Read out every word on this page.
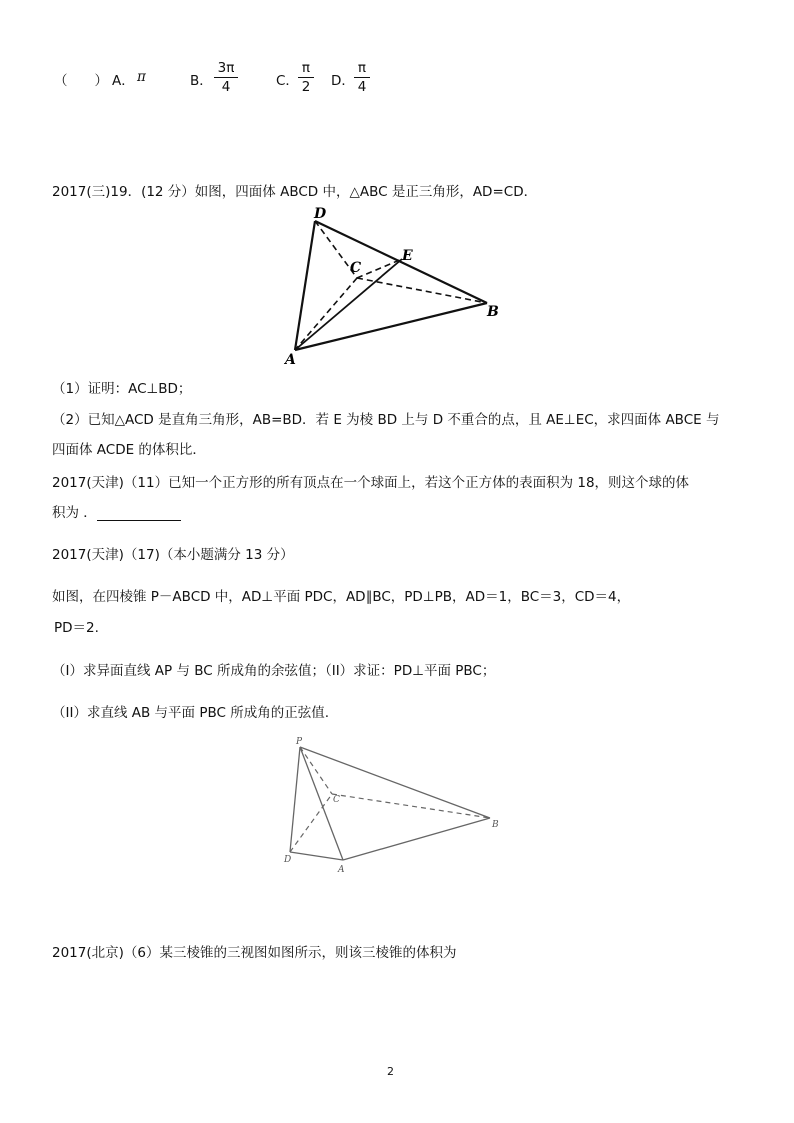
（　　） A． π	B．
3π
4	C．
π
2 D．
π
4
2017(三)19．(12 分）如图，四面体 ABCD 中，△ABC 是正三角形，AD=CD．
D
E
C
B
A
（1）证明：AC⊥BD；
（2）已知△ACD 是直角三角形，AB=BD．若 E 为棱 BD 上与 D 不重合的点，且 AE⊥EC，求四面体 ABCE 与
四面体 ACDE 的体积比．
2017(天津)（11）已知一个正方形的所有顶点在一个球面上，若这个正方体的表面积为 18，则这个球的体
积为 ．
2017(天津)（17)（本小题满分 13 分）
如图，在四棱锥 P－ABCD 中，AD⊥平面 PDC，AD∥BC，PD⊥PB，AD＝1，BC＝3，CD＝4，
PD＝2.
（I）求异面直线 AP 与 BC 所成角的余弦值；（II）求证：PD⊥平面 PBC；
（II）求直线 AB 与平面 PBC 所成角的正弦值.
P
C
B
D
A
2017(北京)（6）某三棱锥的三视图如图所示，则该三棱锥的体积为
2
